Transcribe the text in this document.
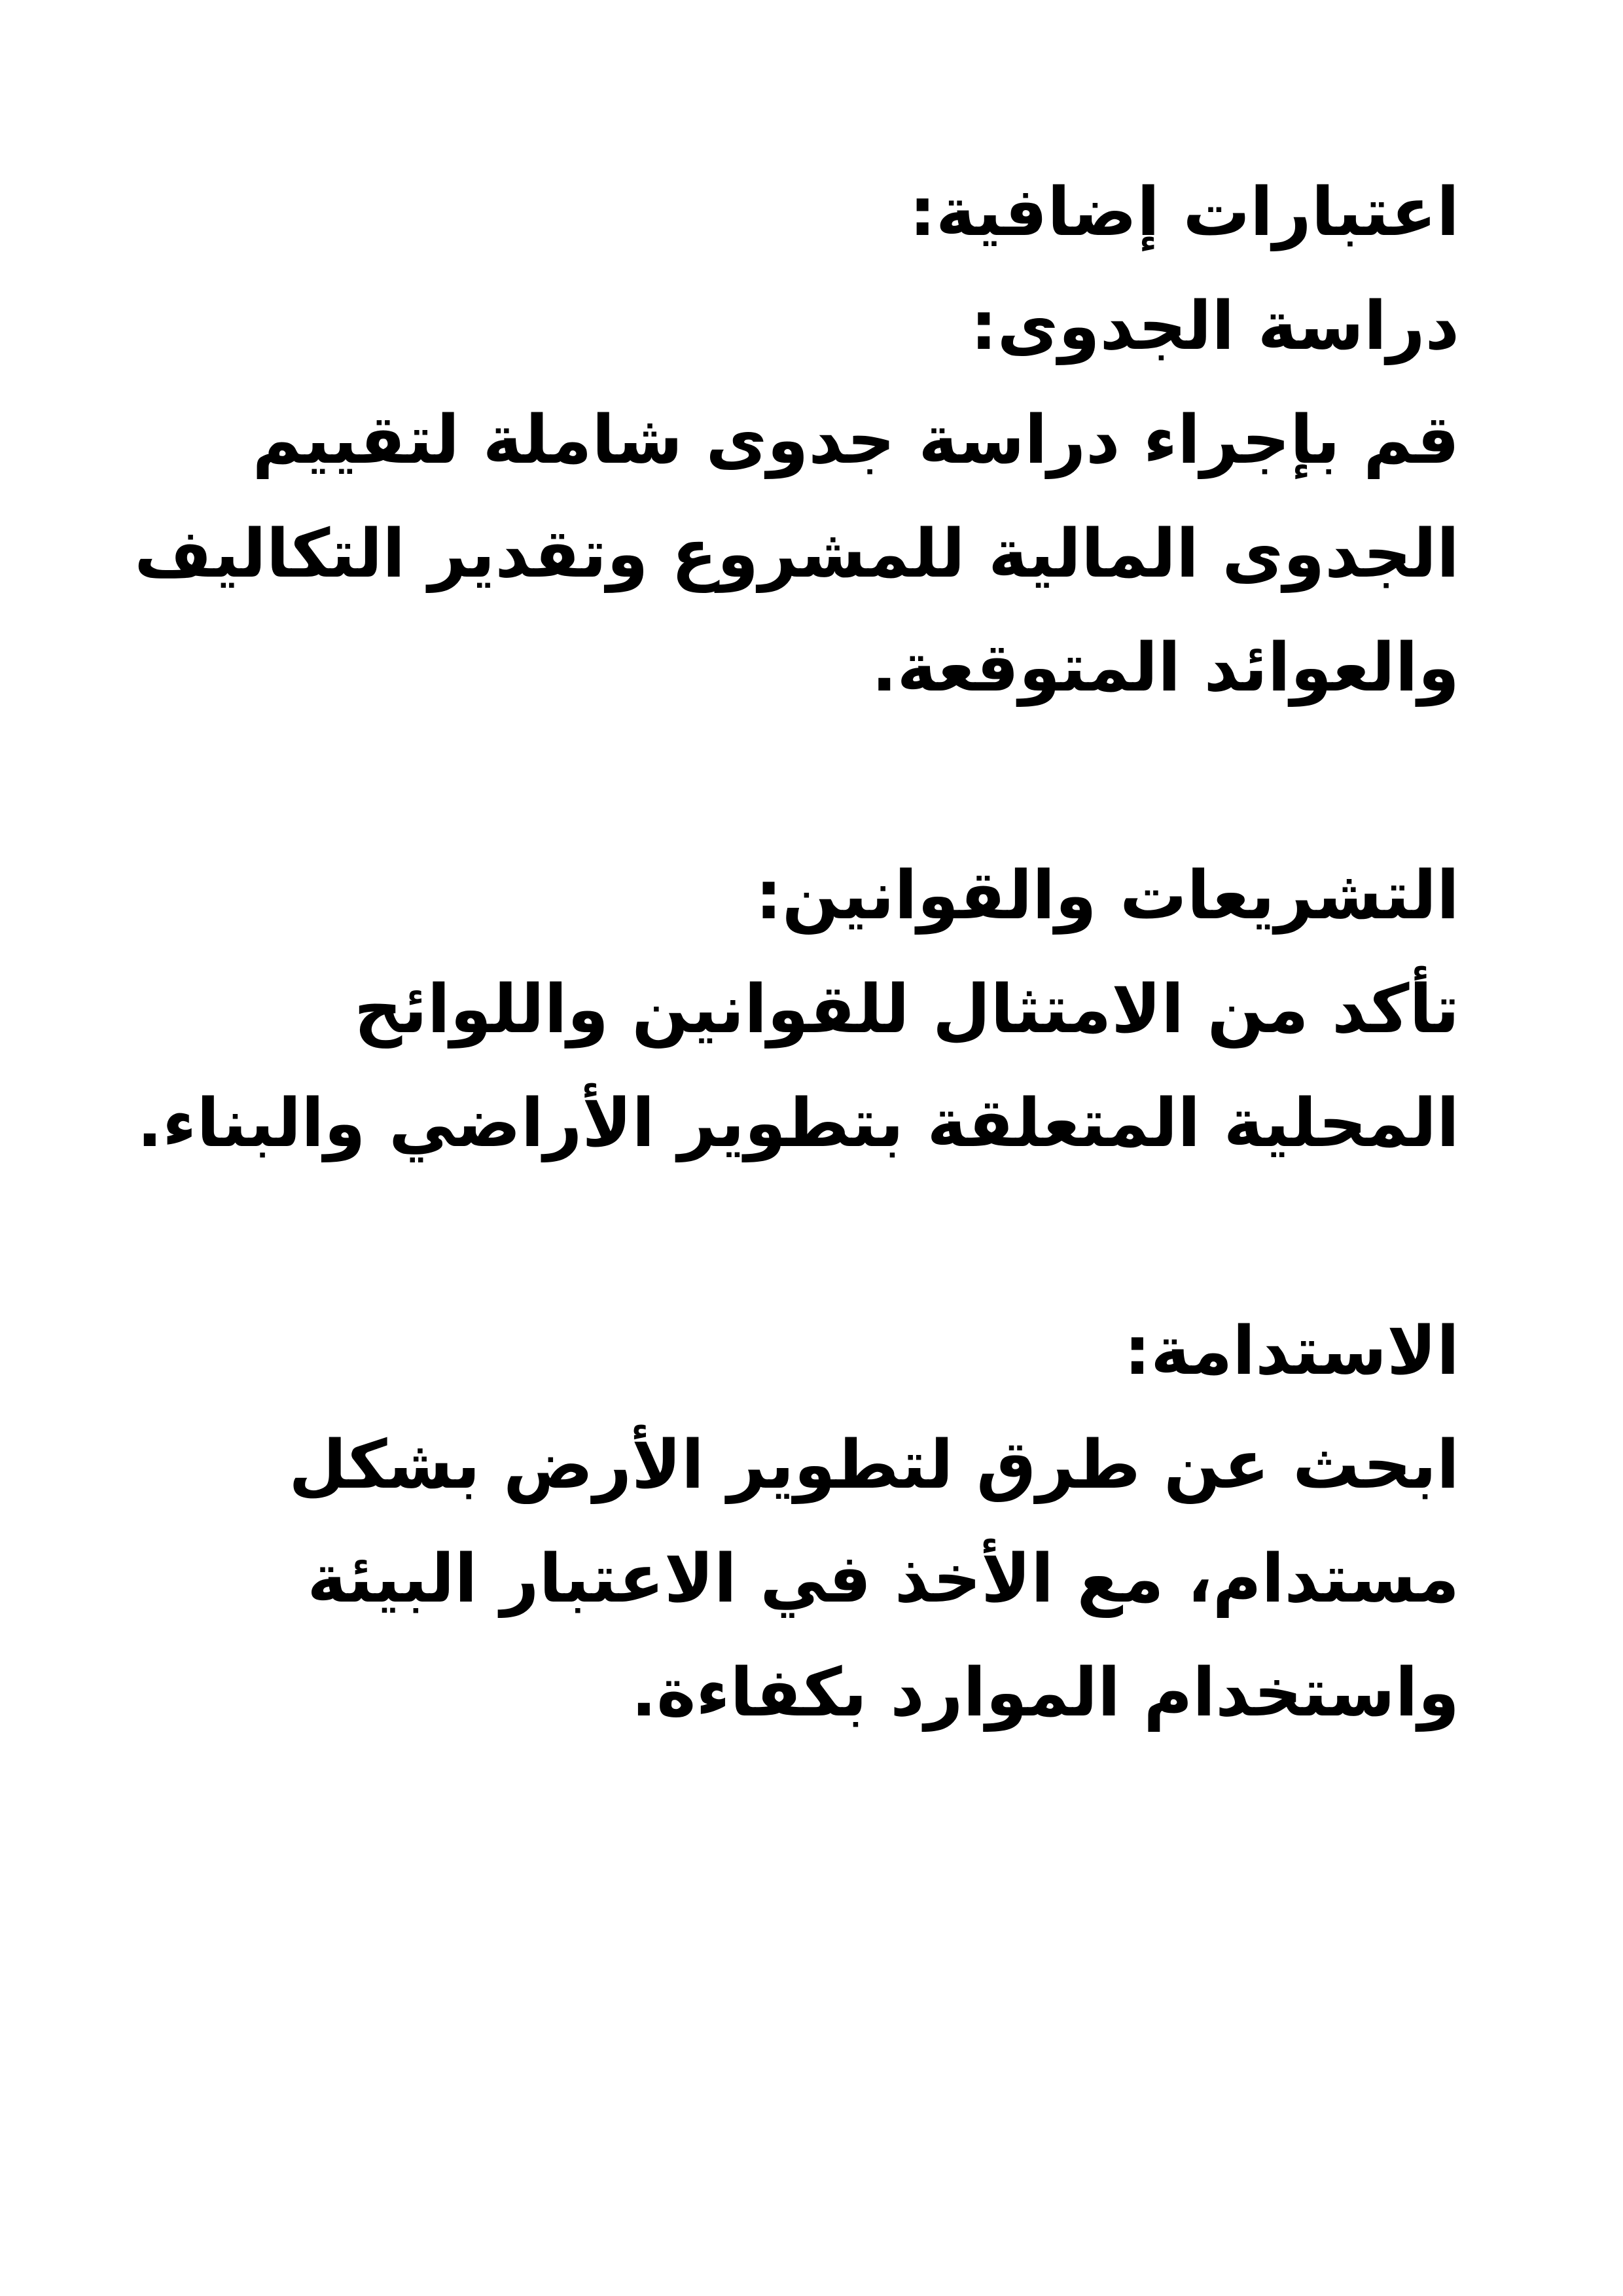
اعتبارات إضافية:
دراسة الجدوى:
قم بإجراء دراسة جدوى شاملة لتقييم
الجدوى المالية للمشروع وتقدير التكاليف
والعوائد المتوقعة.
التشريعات والقوانين:
تأكد من الامتثال للقوانين واللوائح
المحلية المتعلقة بتطوير الأراضي والبناء.
الاستدامة:
ابحث عن طرق لتطوير الأرض بشكل
مستدام، مع الأخذ في الاعتبار البيئة
واستخدام الموارد بكفاءة.
